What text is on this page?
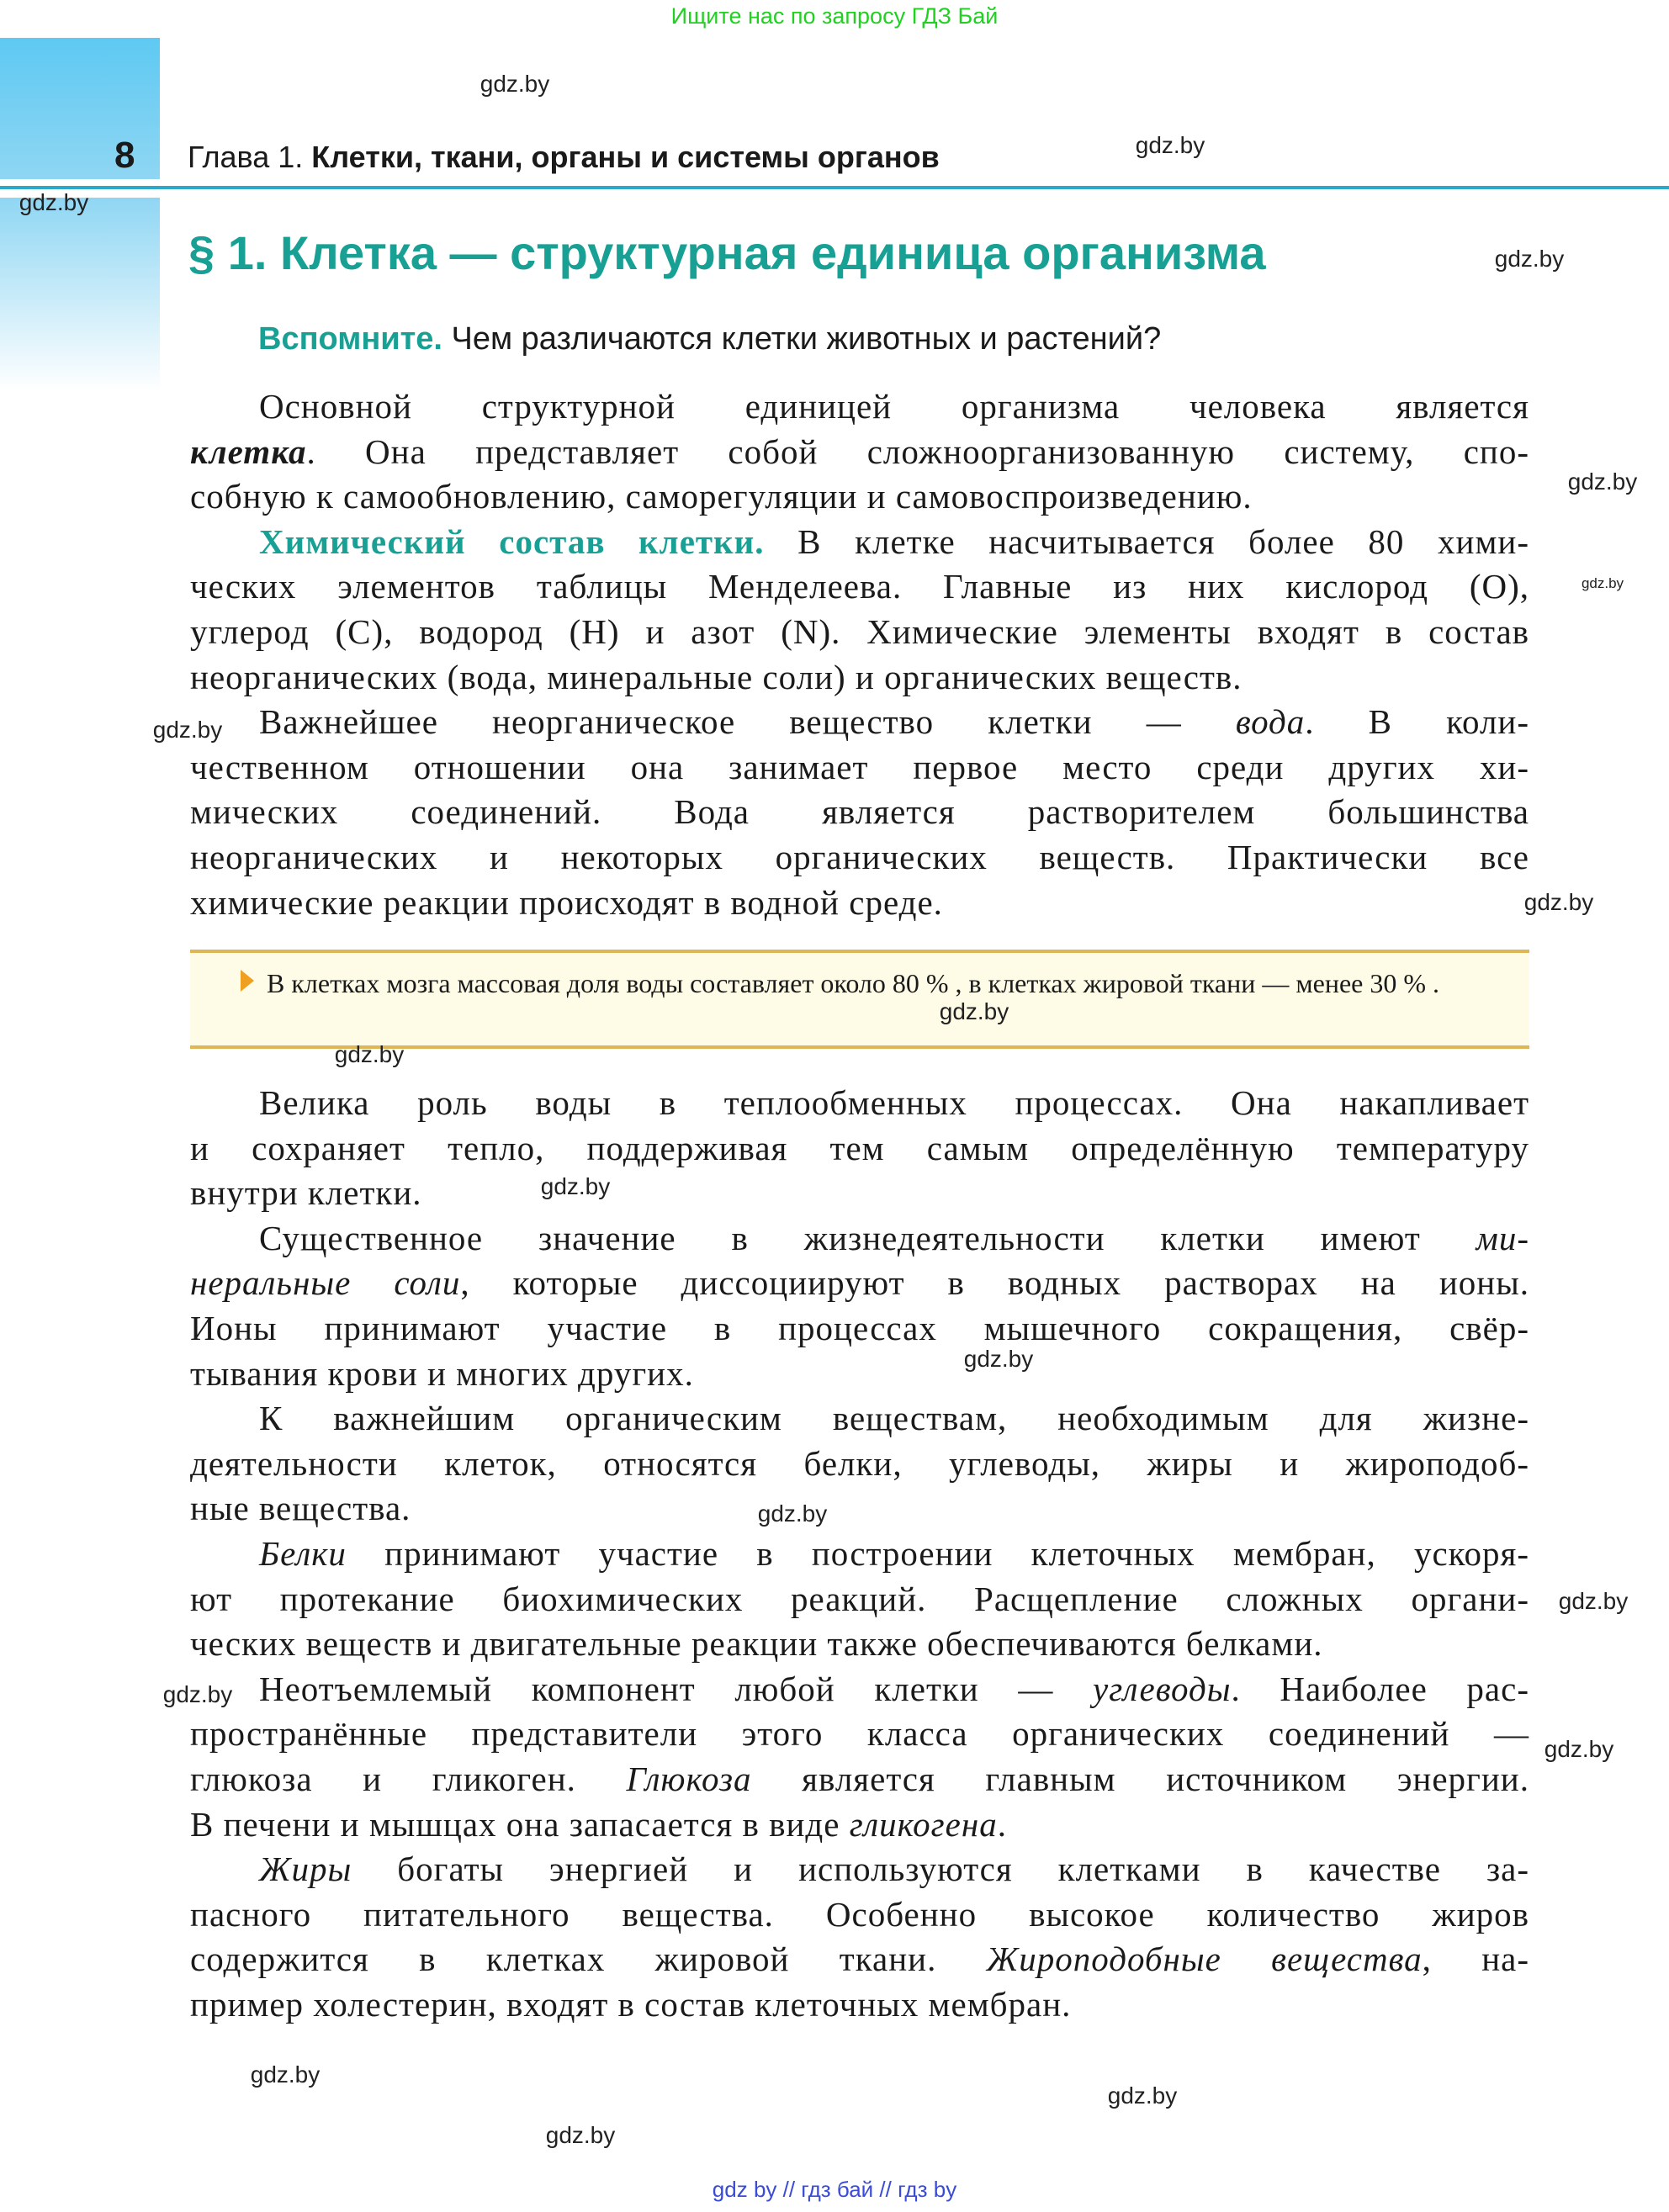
Ищите нас по запросу ГДЗ Бай
8 Глава 1. Клетки, ткани, органы и системы органов
§ 1. Клетка — структурная единица организма
Вспомните. Чем различаются клетки животных и растений?
Основной структурной единицей организма человека является
клетка. Она представляет собой сложноорганизованную систему, спо-
собную к самообновлению, саморегуляции и самовоспроизведению.
Химический состав клетки. В клетке насчитывается более 80 хими-
ческих элементов таблицы Менделеева. Главные из них кислород (O),
углерод (C), водород (H) и азот (N). Химические элементы входят в состав
неорганических (вода, минеральные соли) и органических веществ.
Важнейшее неорганическое вещество клетки — вода. В коли-
чественном отношении она занимает первое место среди других хи-
мических соединений. Вода является растворителем большинства
неорганических и некоторых органических веществ. Практически все
химические реакции происходят в водной среде.
В клетках мозга массовая доля воды составляет около 80 % , в клетках жировой ткани — менее 30 % .
Велика роль воды в теплообменных процессах. Она накапливает
и сохраняет тепло, поддерживая тем самым определённую температуру
внутри клетки.
Существенное значение в жизнедеятельности клетки имеют ми-
неральные соли, которые диссоциируют в водных растворах на ионы.
Ионы принимают участие в процессах мышечного сокращения, свёр-
тывания крови и многих других.
К важнейшим органическим веществам, необходимым для жизне-
деятельности клеток, относятся белки, углеводы, жиры и жироподоб-
ные вещества.
Белки принимают участие в построении клеточных мембран, ускоря-
ют протекание биохимических реакций. Расщепление сложных органи-
ческих веществ и двигательные реакции также обеспечиваются белками.
Неотъемлемый компонент любой клетки — углеводы. Наиболее рас-
пространённые представители этого класса органических соединений —
глюкоза и гликоген. Глюкоза является главным источником энергии.
В печени и мышцах она запасается в виде гликогена.
Жиры богаты энергией и используются клетками в качестве за-
пасного питательного вещества. Особенно высокое количество жиров
содержится в клетках жировой ткани. Жироподобные вещества, на-
пример холестерин, входят в состав клеточных мембран.
gdz.by
gdz.by
gdz.by
gdz.by
gdz.by
gdz.by
gdz.by
gdz.by
gdz.by
gdz.by
gdz.by
gdz.by
gdz.by
gdz.by
gdz.by
gdz.by
gdz.by
gdz.by
gdz.by
gdz by // гдз бай // гдз by
